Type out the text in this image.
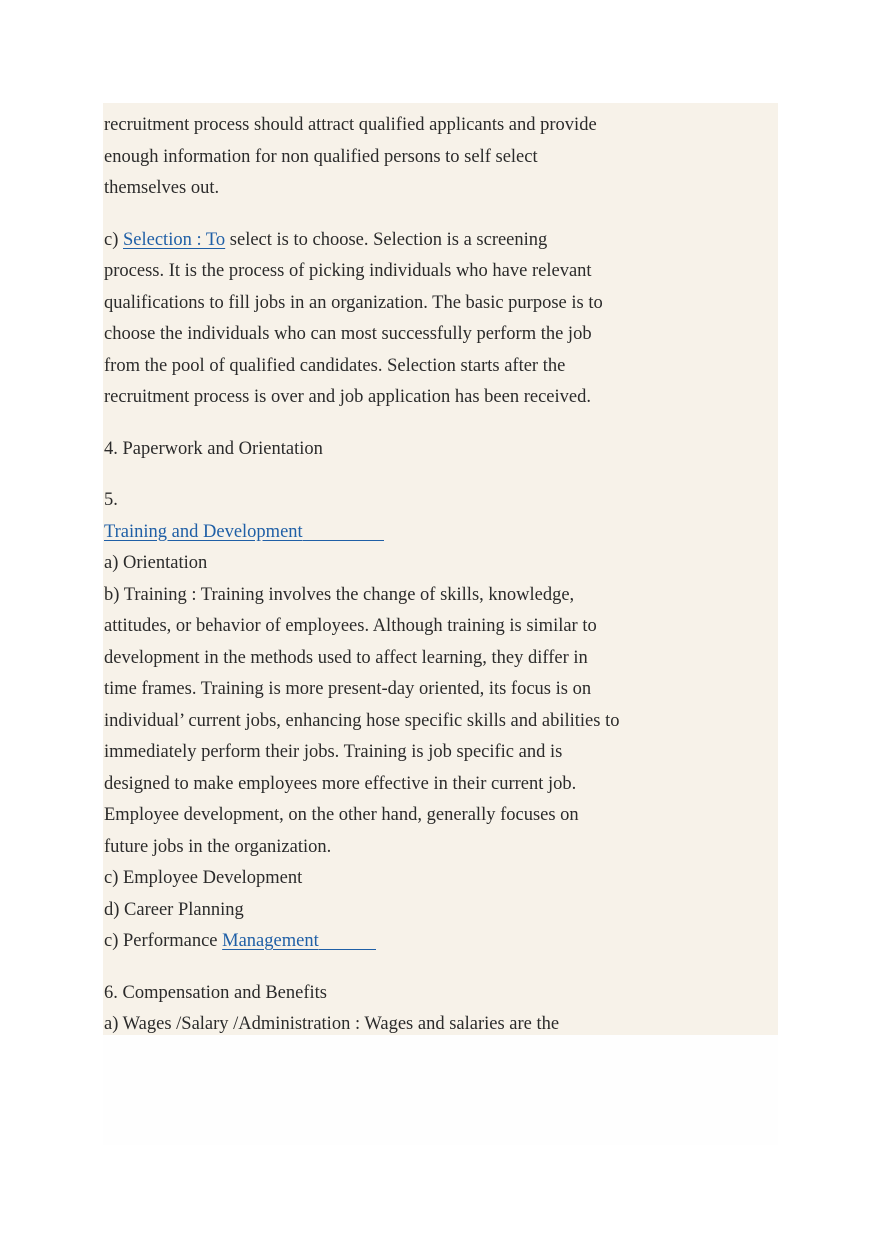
recruitment process should attract qualified applicants and provide
enough information for non qualified persons to self select
themselves out.
c) Selection : To select is to choose. Selection is a screening
process. It is the process of picking individuals who have relevant
qualifications to fill jobs in an organization. The basic purpose is to
choose the individuals who can most successfully perform the job
from the pool of qualified candidates. Selection starts after the
recruitment process is over and job application has been received.
4. Paperwork and Orientation
5.
Training and Development
a) Orientation
b) Training : Training involves the change of skills, knowledge,
attitudes, or behavior of employees. Although training is similar to
development in the methods used to affect learning, they differ in
time frames. Training is more present-day oriented, its focus is on
individual’ current jobs, enhancing hose specific skills and abilities to
immediately perform their jobs. Training is job specific and is
designed to make employees more effective in their current job.
Employee development, on the other hand, generally focuses on
future jobs in the organization.
c) Employee Development
d) Career Planning
c) Performance Management
6. Compensation and Benefits
a) Wages /Salary /Administration : Wages and salaries are the
